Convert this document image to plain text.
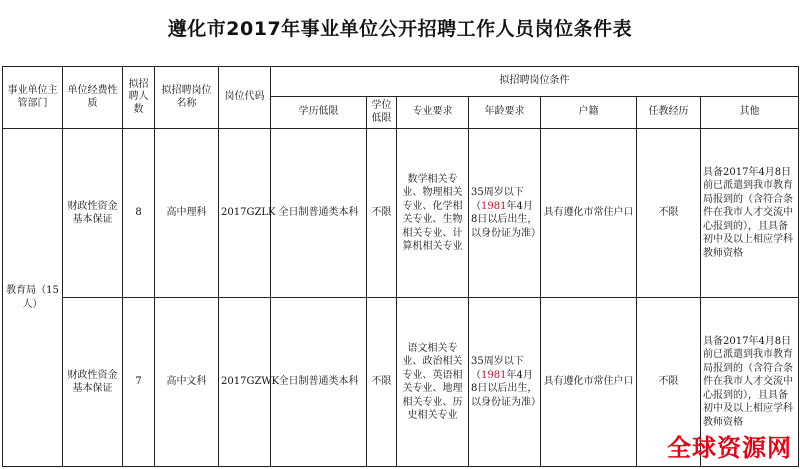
遵化市2017年事业单位公开招聘工作人员岗位条件表
事业单位主管部门	单位经费性质	拟招聘人数	拟招聘岗位名称	岗位代码	拟招聘岗位条件						
					学历低限	学位低限	专业要求	年龄要求	户籍	任教经历	其他
教育局（15人）	财政性资金基本保证	8	高中理科	2017GZLK	全日制普通类本科	不限	数学相关专业、物理相关专业、化学相关专业、生物相关专业、计算机相关专业	35周岁以下（1981年4月8日以后出生，以身份证为准）	具有遵化市常住户口	不限	具备2017年4月8日前已派遣到我市教育局报到的（含符合条件在我市人才交流中心报到的），且具备初中及以上相应学科教师资格
	财政性资金基本保证	7	高中文科	2017GZWK	全日制普通类本科	不限	语文相关专业、政治相关专业、英语相关专业、地理相关专业、历史相关专业	35周岁以下（1981年4月8日以后出生，以身份证为准）	具有遵化市常住户口	不限	具备2017年4月8日前已派遣到我市教育局报到的（含符合条件在我市人才交流中心报到的），且具备初中及以上相应学科教师资格
全球资源网
